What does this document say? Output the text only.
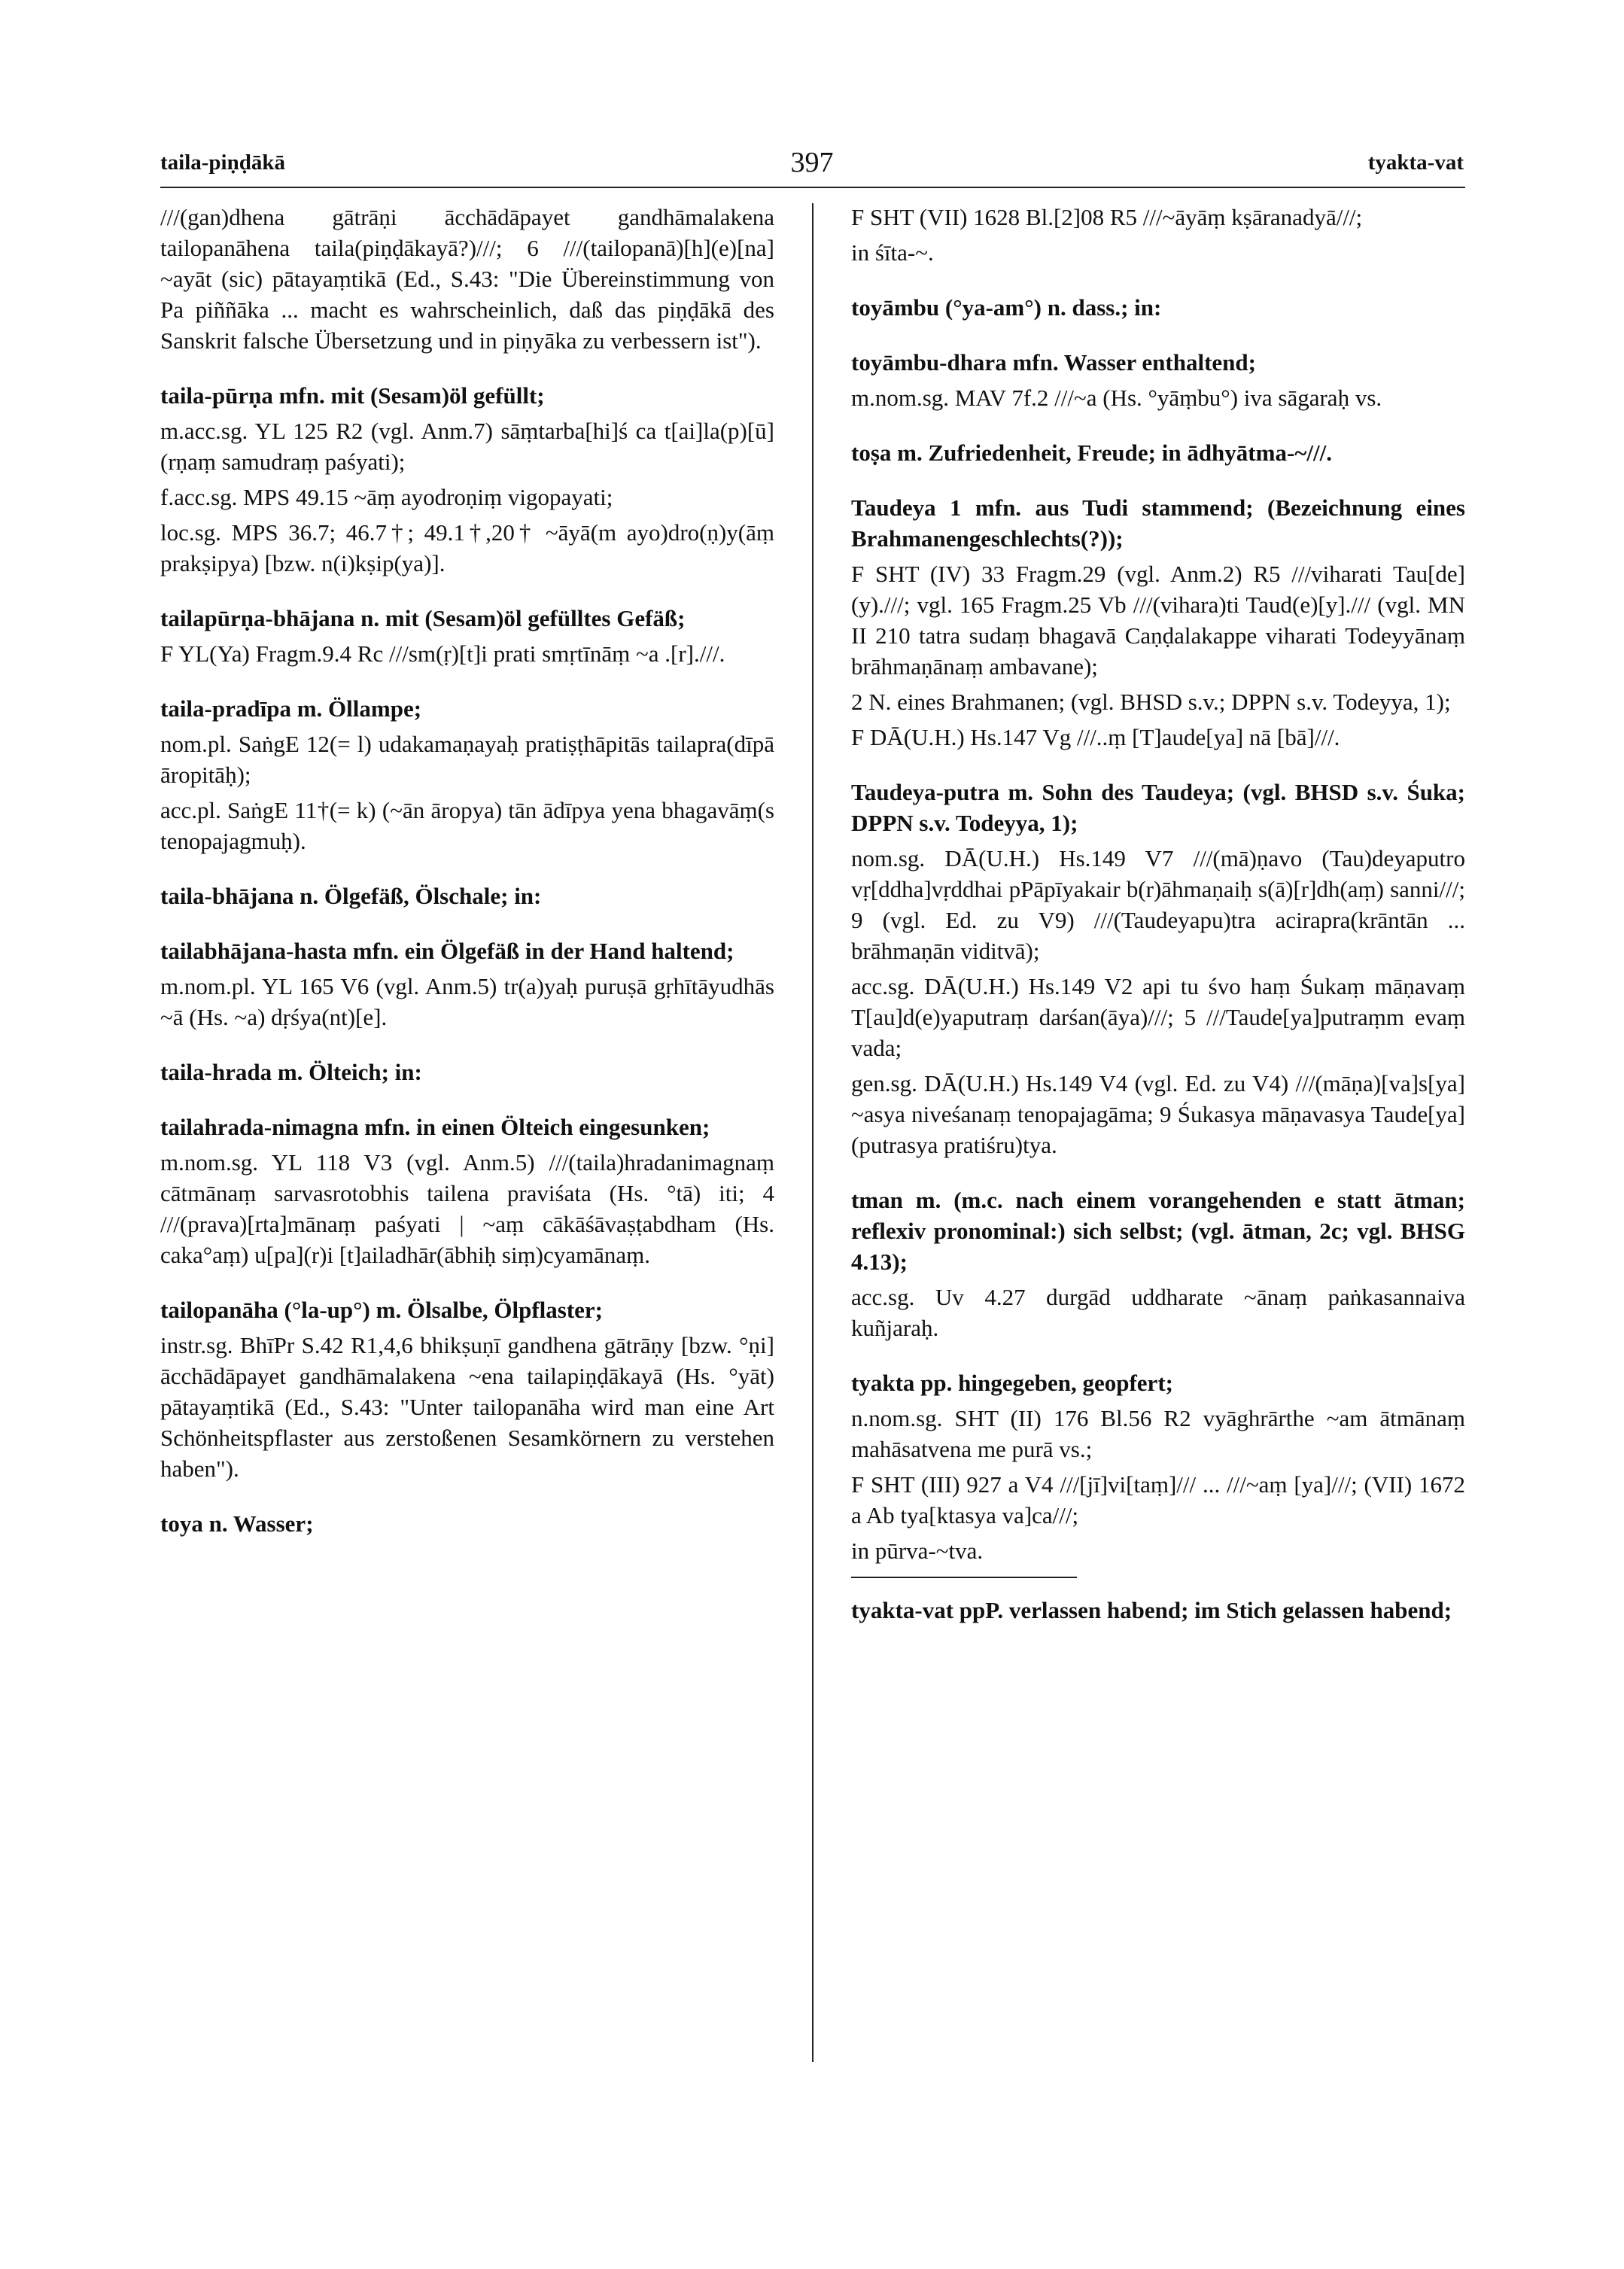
taila-piṇḍākā	397	tyakta-vat

///(gan)dhena gātrāṇi ācchādāpayet gandhāmalakena tailopanāhena taila(piṇḍākayā?)///; 6 ///(tailopanā)[h](e)[na] ~ayāt (sic) pātayaṃtikā (Ed., S.43: "Die Übereinstimmung von Pa piññāka ... macht es wahrscheinlich, daß das piṇḍākā des Sanskrit falsche Übersetzung und in piṇyāka zu verbessern ist").

taila-pūrṇa mfn. mit (Sesam)öl gefüllt;

m.acc.sg. YL 125 R2 (vgl. Anm.7) sāṃtarba[hi]ś ca t[ai]la(p)[ū](rṇaṃ samudraṃ paśyati);

f.acc.sg. MPS 49.15 ~āṃ ayodroṇiṃ vigopayati;

loc.sg. MPS 36.7; 46.7†; 49.1†,20† ~āyā(m ayo)dro(ṇ)y(āṃ prakṣipya) [bzw. n(i)kṣip(ya)].

tailapūrṇa-bhājana n. mit (Sesam)öl gefülltes Gefäß;

F YL(Ya) Fragm.9.4 Rc ///sm(ṛ)[t]i prati smṛtīnāṃ ~a .[r].///.

taila-pradīpa m. Öllampe;

nom.pl. SaṅgE 12(= l) udakamaṇayaḥ pratiṣṭhāpitās tailapra(dīpā āropitāḥ);

acc.pl. SaṅgE 11†(= k) (~ān āropya) tān ādīpya yena bhagavāṃ(s tenopajagmuḥ).

taila-bhājana n. Ölgefäß, Ölschale; in:

tailabhājana-hasta mfn. ein Ölgefäß in der Hand haltend;

m.nom.pl. YL 165 V6 (vgl. Anm.5) tr(a)yaḥ puruṣā gṛhītāyudhās ~ā (Hs. ~a) dṛśya(nt)[e].

taila-hrada m. Ölteich; in:

tailahrada-nimagna mfn. in einen Ölteich eingesunken;

m.nom.sg. YL 118 V3 (vgl. Anm.5) ///(taila)hradanimagnaṃ cātmānaṃ sarvasrotobhis tailena praviśata (Hs. °tā) iti; 4 ///(prava)[rta]mānaṃ paśyati | ~aṃ cākāśāvaṣṭabdham (Hs. caka°aṃ) u[pa](r)i [t]ailadhār(ābhiḥ siṃ)cyamānaṃ.

tailopanāha (°la-up°) m. Ölsalbe, Ölpflaster;

instr.sg. BhīPr S.42 R1,4,6 bhikṣuṇī gandhena gātrāṇy [bzw. °ṇi] ācchādāpayet gandhāmalakena ~ena tailapiṇḍākayā (Hs. °yāt) pātayaṃtikā (Ed., S.43: "Unter tailopanāha wird man eine Art Schönheitspflaster aus zerstoßenen Sesamkörnern zu verstehen haben").

toya n. Wasser;

F SHT (VII) 1628 Bl.[2]08 R5 ///~āyāṃ kṣāranadyā///;

in śīta-~.

toyāmbu (°ya-am°) n. dass.; in:

toyāmbu-dhara mfn. Wasser enthaltend;

m.nom.sg. MAV 7f.2 ///~a (Hs. °yāṃbu°) iva sāgaraḥ vs.

toṣa m. Zufriedenheit, Freude; in ādhyātma-~///.

Taudeya 1 mfn. aus Tudi stammend; (Bezeichnung eines Brahmanengeschlechts(?));

F SHT (IV) 33 Fragm.29 (vgl. Anm.2) R5 ///viharati Tau[de](y).///; vgl. 165 Fragm.25 Vb ///(vihara)ti Taud(e)[y]./// (vgl. MN II 210 tatra sudaṃ bhagavā Caṇḍalakappe viharati Todeyyānaṃ brāhmaṇānaṃ ambavane);

2 N. eines Brahmanen; (vgl. BHSD s.v.; DPPN s.v. Todeyya, 1);

F DĀ(U.H.) Hs.147 Vg ///..ṃ [T]aude[ya] nā [bā]///.

Taudeya-putra m. Sohn des Taudeya; (vgl. BHSD s.v. Śuka; DPPN s.v. Todeyya, 1);

nom.sg. DĀ(U.H.) Hs.149 V7 ///(mā)ṇavo (Tau)deyaputro vṛ[ddha]vṛddhai pPāpīyakair b(r)āhmaṇaiḥ s(ā)[r]dh(aṃ) sanni///; 9 (vgl. Ed. zu V9) ///(Taudeyapu)tra acirapra(krāntān ... brāhmaṇān viditvā);

acc.sg. DĀ(U.H.) Hs.149 V2 api tu śvo haṃ Śukaṃ māṇavaṃ T[au]d(e)yaputraṃ darśan(āya)///; 5 ///Taude[ya]putraṃm evaṃ vada;

gen.sg. DĀ(U.H.) Hs.149 V4 (vgl. Ed. zu V4) ///(māṇa)[va]s[ya] ~asya niveśanaṃ tenopajagāma; 9 Śukasya māṇavasya Taude[ya](putrasya pratiśru)tya.

tman m. (m.c. nach einem vorangehenden e statt ātman; reflexiv pronominal:) sich selbst; (vgl. ātman, 2c; vgl. BHSG 4.13);

acc.sg. Uv 4.27 durgād uddharate ~ānaṃ paṅkasannaiva kuñjaraḥ.

tyakta pp. hingegeben, geopfert;

n.nom.sg. SHT (II) 176 Bl.56 R2 vyāghrārthe ~am ātmānaṃ mahāsatvena me purā vs.;

F SHT (III) 927 a V4 ///[jī]vi[taṃ]/// ... ///~aṃ [ya]///; (VII) 1672 a Ab tya[ktasya va]ca///;

in pūrva-~tva.

tyakta-vat ppP. verlassen habend; im Stich gelassen habend;
